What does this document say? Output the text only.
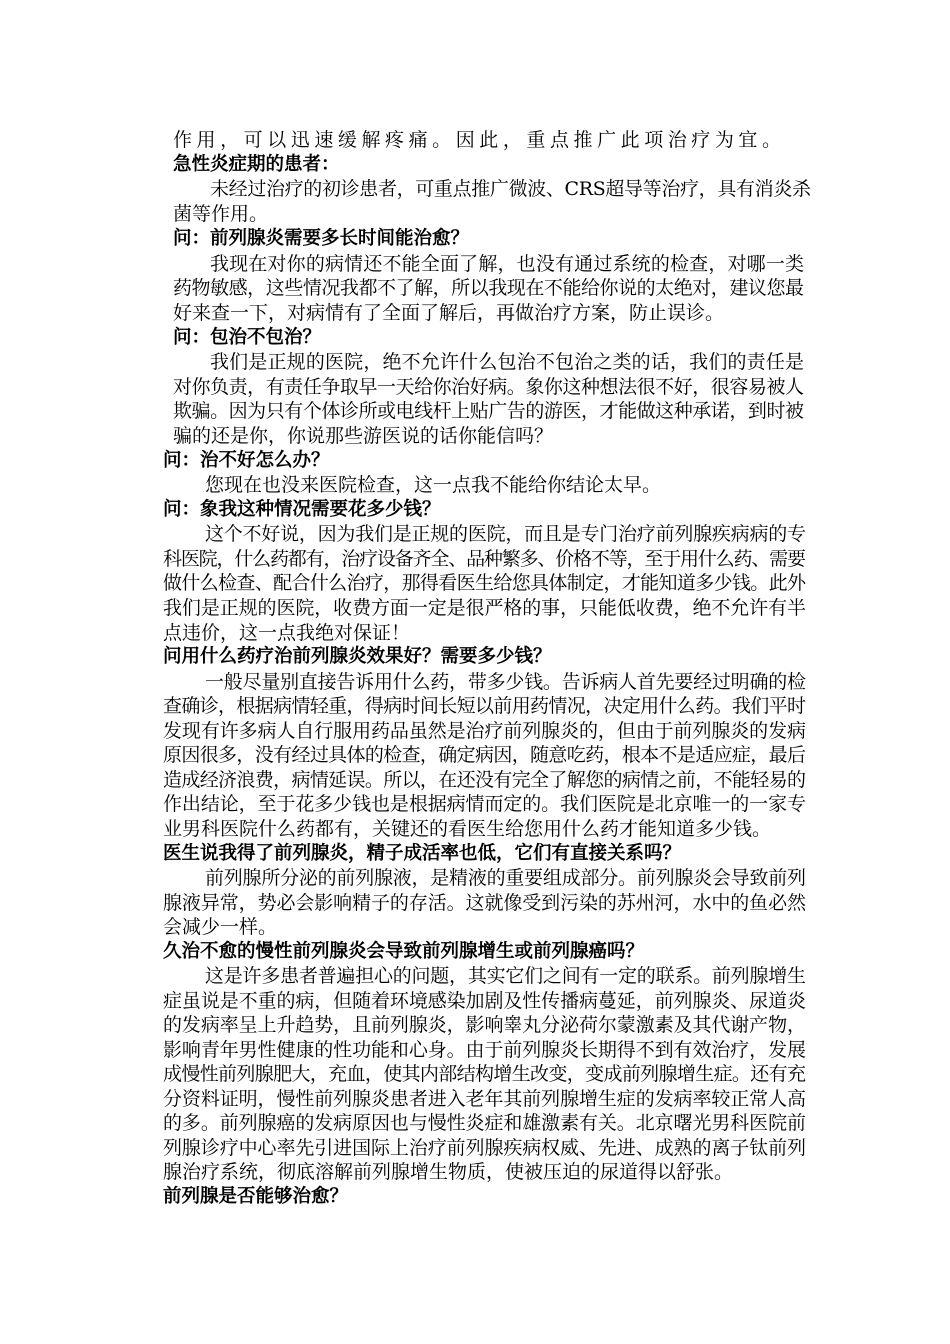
作用，可以迅速缓解疼痛。因此，重点推广此项治疗为宜。
急性炎症期的患者：
未经过治疗的初诊患者，可重点推广微波、CRS超导等治疗，具有消炎杀
菌等作用。
问：前列腺炎需要多长时间能治愈？
我现在对你的病情还不能全面了解，也没有通过系统的检查，对哪一类
药物敏感，这些情况我都不了解，所以我现在不能给你说的太绝对，建议您最
好来查一下，对病情有了全面了解后，再做治疗方案，防止误诊。
问：包治不包治？
我们是正规的医院，绝不允许什么包治不包治之类的话，我们的责任是
对你负责，有责任争取早一天给你治好病。象你这种想法很不好，很容易被人
欺骗。因为只有个体诊所或电线杆上贴广告的游医，才能做这种承诺，到时被
骗的还是你，你说那些游医说的话你能信吗？
问：治不好怎么办？
您现在也没来医院检查，这一点我不能给你结论太早。
问：象我这种情况需要花多少钱？
这个不好说，因为我们是正规的医院，而且是专门治疗前列腺疾病病的专
科医院，什么药都有，治疗设备齐全、品种繁多、价格不等，至于用什么药、需要
做什么检查、配合什么治疗，那得看医生给您具体制定，才能知道多少钱。此外
我们是正规的医院，收费方面一定是很严格的事，只能低收费，绝不允许有半
点违价，这一点我绝对保证！
问用什么药疗治前列腺炎效果好？需要多少钱？
一般尽量别直接告诉用什么药，带多少钱。告诉病人首先要经过明确的检
查确诊，根据病情轻重，得病时间长短以前用药情况，决定用什么药。我们平时
发现有许多病人自行服用药品虽然是治疗前列腺炎的，但由于前列腺炎的发病
原因很多，没有经过具体的检查，确定病因，随意吃药，根本不是适应症，最后
造成经济浪费，病情延误。所以，在还没有完全了解您的病情之前，不能轻易的
作出结论，至于花多少钱也是根据病情而定的。我们医院是北京唯一的一家专
业男科医院什么药都有，关键还的看医生给您用什么药才能知道多少钱。
医生说我得了前列腺炎，精子成活率也低，它们有直接关系吗？
前列腺所分泌的前列腺液，是精液的重要组成部分。前列腺炎会导致前列
腺液异常，势必会影响精子的存活。这就像受到污染的苏州河，水中的鱼必然
会减少一样。
久治不愈的慢性前列腺炎会导致前列腺增生或前列腺癌吗？
这是许多患者普遍担心的问题，其实它们之间有一定的联系。前列腺增生
症虽说是不重的病，但随着环境感染加剧及性传播病蔓延，前列腺炎、尿道炎
的发病率呈上升趋势，且前列腺炎，影响睾丸分泌荷尔蒙激素及其代谢产物，
影响青年男性健康的性功能和心身。由于前列腺炎长期得不到有效治疗，发展
成慢性前列腺肥大，充血，使其内部结构增生改变，变成前列腺增生症。还有充
分资料证明，慢性前列腺炎患者进入老年其前列腺增生症的发病率较正常人高
的多。前列腺癌的发病原因也与慢性炎症和雄激素有关。北京曙光男科医院前
列腺诊疗中心率先引进国际上治疗前列腺疾病权威、先进、成熟的离子钛前列
腺治疗系统，彻底溶解前列腺增生物质，使被压迫的尿道得以舒张。
前列腺是否能够治愈？
